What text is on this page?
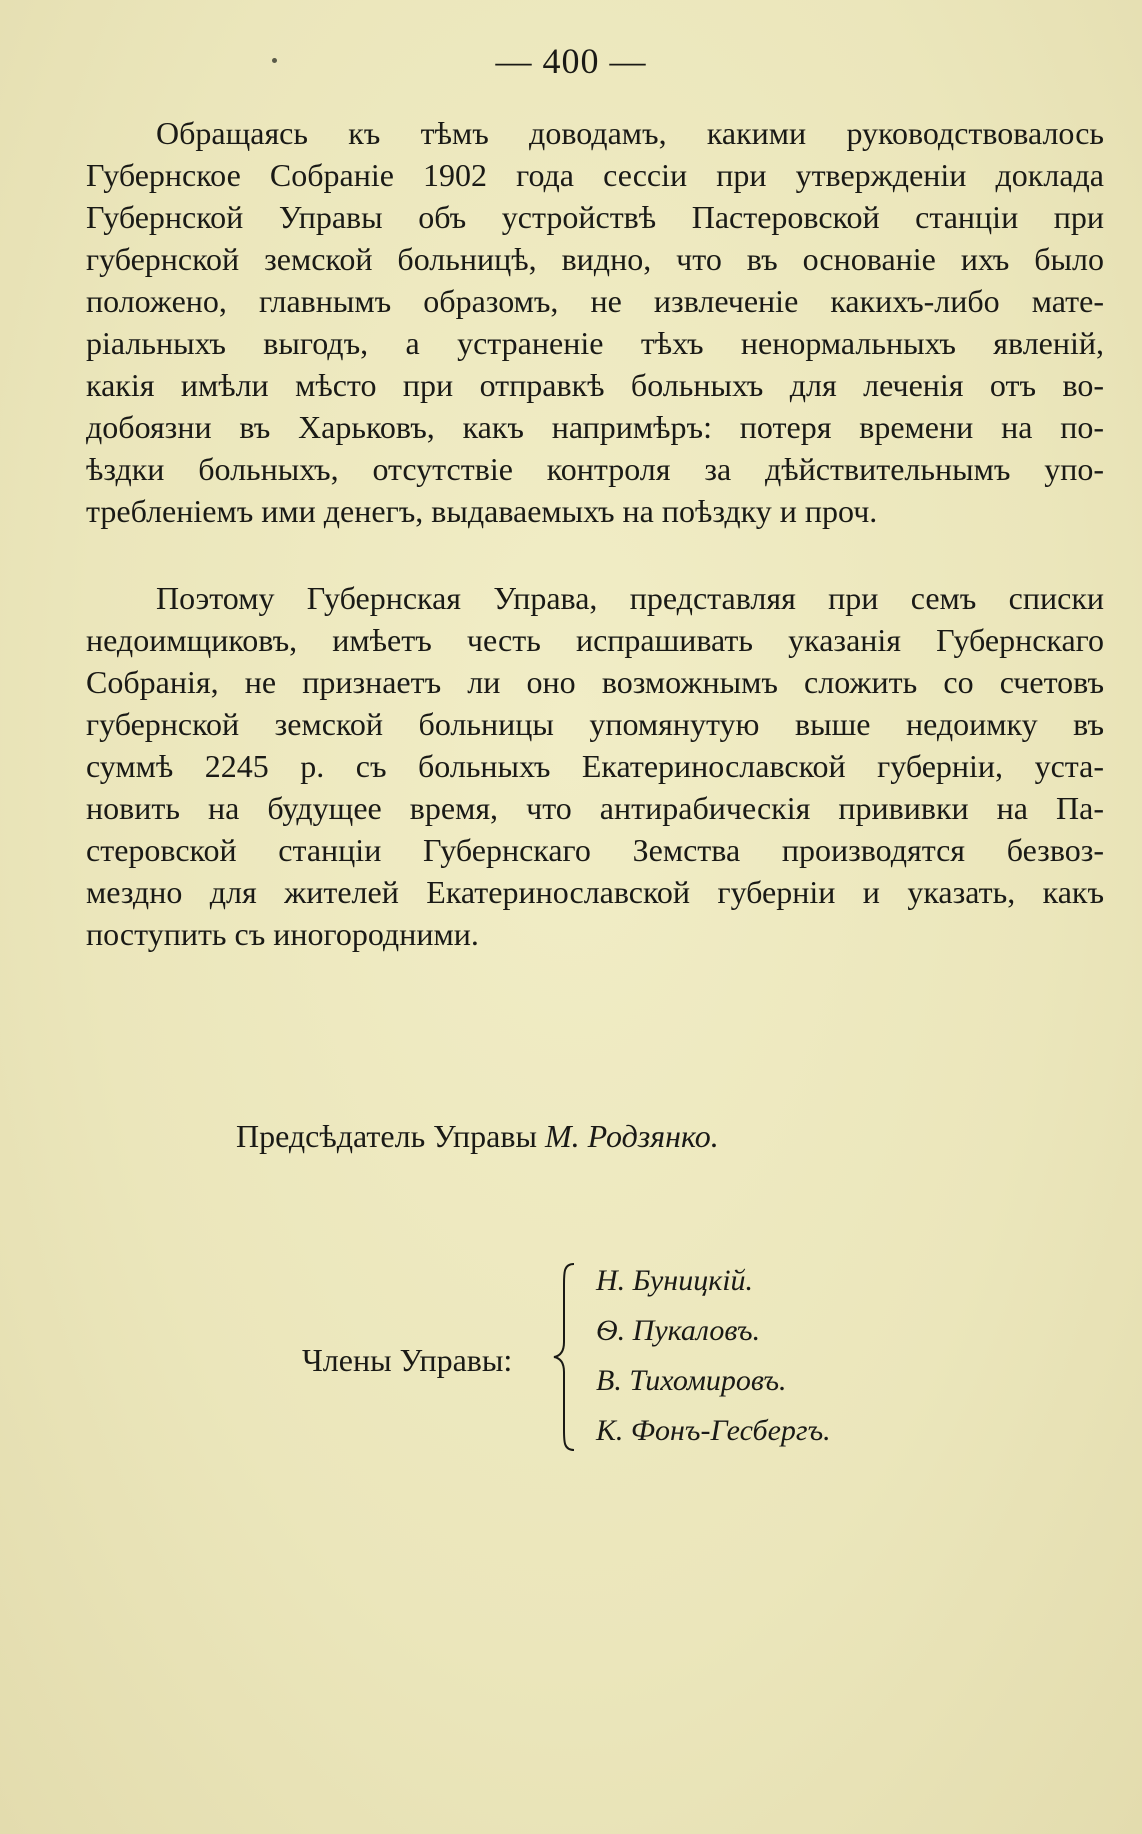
— 400 —
Обращаясь къ тѣмъ доводамъ, какими руководствовалось
Губернское Собраніе 1902 года сессіи при утвержденіи доклада
Губернской Управы объ устройствѣ Пастеровской станціи при
губернской земской больницѣ, видно, что въ основаніе ихъ было
положено, главнымъ образомъ, не извлеченіе какихъ-либо мате-
ріальныхъ выгодъ, а устраненіе тѣхъ ненормальныхъ явленій,
какія имѣли мѣсто при отправкѣ больныхъ для леченія отъ во-
добоязни въ Харьковъ, какъ напримѣръ: потеря времени на по-
ѣздки больныхъ, отсутствіе контроля за дѣйствительнымъ упо-
требленіемъ ими денегъ, выдаваемыхъ на поѣздку и проч.
Поэтому Губернская Управа, представляя при семъ списки
недоимщиковъ, имѣетъ честь испрашивать указанія Губернскаго
Собранія, не признаетъ ли оно возможнымъ сложить со счетовъ
губернской земской больницы упомянутую выше недоимку въ
суммѣ 2245 р. съ больныхъ Екатеринославской губерніи, уста-
новить на будущее время, что антирабическія прививки на Па-
стеровской станціи Губернскаго Земства производятся безвоз-
мездно для жителей Екатеринославской губерніи и указать, какъ
поступить съ иногородними.
Предсѣдатель Управы М. Родзянко.
Члены Управы:
Н. Буницкій.
Ѳ. Пукаловъ.
В. Тихомировъ.
К. Фонъ-Гесбергъ.
